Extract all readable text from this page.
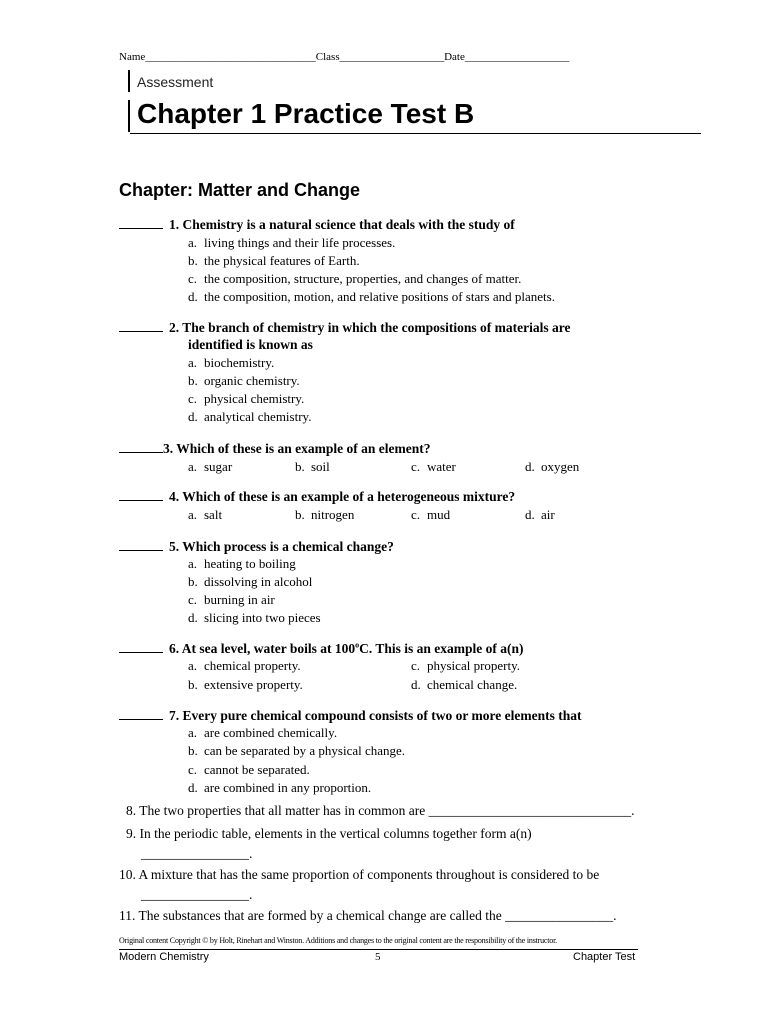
Name_______________________________Class___________________Date___________________
Assessment
Chapter 1 Practice Test B
Chapter: Matter and Change
1. Chemistry is a natural science that deals with the study of
a. living things and their life processes.
b. the physical features of Earth.
c. the composition, structure, properties, and changes of matter.
d. the composition, motion, and relative positions of stars and planets.
2. The branch of chemistry in which the compositions of materials are
identified is known as
a. biochemistry.
b. organic chemistry.
c. physical chemistry.
d. analytical chemistry.
3. Which of these is an example of an element?
a. sugar	b. soil	c. water	d. oxygen
4. Which of these is an example of a heterogeneous mixture?
a. salt	b. nitrogen	c. mud	d. air
5. Which process is a chemical change?
a. heating to boiling
b. dissolving in alcohol
c. burning in air
d. slicing into two pieces
6. At sea level, water boils at 100$^o$C. This is an example of a(n)
a. chemical property.	c. physical property.
b. extensive property.	d. chemical change.
7. Every pure chemical compound consists of two or more elements that
a. are combined chemically.
b. can be separated by a physical change.
c. cannot be separated.
d. are combined in any proportion.
8. The two properties that all matter has in common are ______________________________.
9. In the periodic table, elements in the vertical columns together form a(n)
________________.
10. A mixture that has the same proportion of components throughout is considered to be
________________.
11. The substances that are formed by a chemical change are called the ________________.
Original content Copyright © by Holt, Rinehart and Winston. Additions and changes to the original content are the responsibility of the instructor.
Modern Chemistry	5	Chapter Test
